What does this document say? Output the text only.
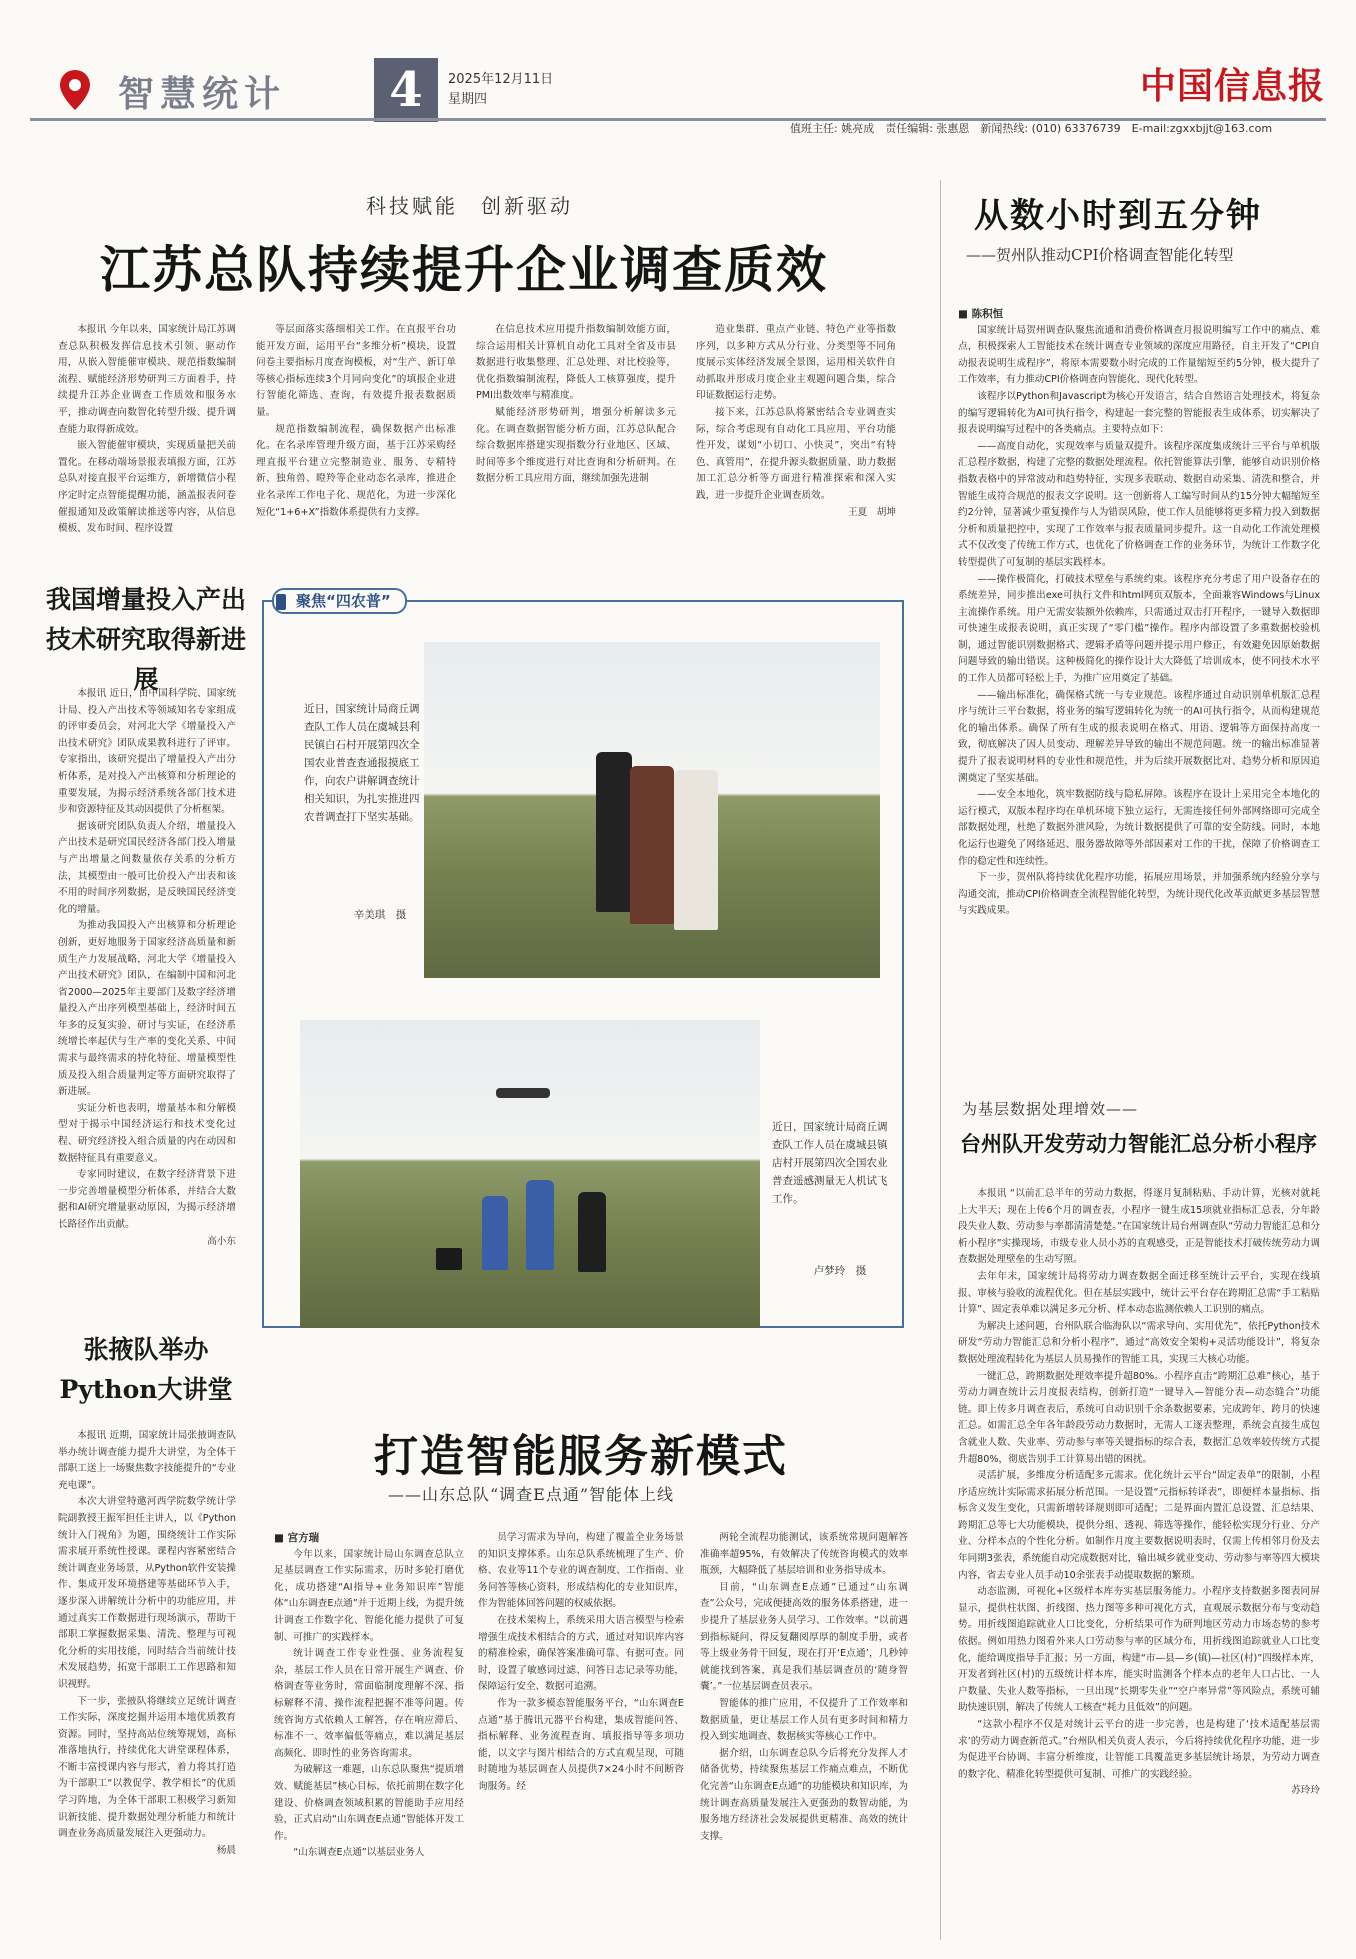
智慧统计	4	2025年12月11日
星期四	中国信息报
值班主任: 姚亮成　责任编辑: 张惠恩　新闻热线: (010) 63376739　E-mail:zgxxbjjt@163.com
科技赋能　创新驱动
江苏总队持续提升企业调查质效

本报讯 今年以来，国家统计局江苏调查总队积极发挥信息技术引领、驱动作用，从嵌入智能催审模块、规范指数编制流程、赋能经济形势研判三方面着手，持续提升江苏企业调查工作质效和服务水平，推动调查向数智化转型升级、提升调查能力取得新成效。

嵌入智能催审模块，实现质量把关前置化。在移动端场景报表填报方面，江苏总队对接直报平台运维方，新增微信小程序定时定点智能提醒功能，涵盖报表问卷催报通知及政策解读推送等内容，从信息模板、发布时间、程序设置

等层面落实落细相关工作。在直报平台功能开发方面，运用平台“多维分析”模块，设置问卷主要指标月度查询模板，对“生产、新订单等核心指标连续3个月同向变化”的填报企业进行智能化筛选、查询，有效提升报表数据质量。

规范指数编制流程，确保数据产出标准化。在名录库管理升级方面，基于江苏采购经理直报平台建立完整制造业、服务、专精特新、独角兽、瞪羚等企业动态名录库，推进企业名录库工作电子化、规范化，为进一步深化短化“1+6+X”指数体系提供有力支撑。

在信息技术应用提升指数编制效能方面，综合运用相关计算机自动化工具对全省及市县数据进行收集整理、汇总处理、对比校验等，优化指数编制流程，降低人工核算强度，提升PMI出数效率与精准度。

赋能经济形势研判，增强分析解读多元化。在调查数据智能分析方面，江苏总队配合综合数据库搭建实现指数分行业地区、区域、时间等多个维度进行对比查询和分析研判。在数据分析工具应用方面，继续加强先进制

造业集群、重点产业链、特色产业等指数序列，以多种方式从分行业、分类型等不同角度展示实体经济发展全景图，运用相关软件自动抓取并形成月度企业主观题问题合集，综合印证数据运行走势。

接下来，江苏总队将紧密结合专业调查实际，综合考虑现有自动化工具应用、平台功能性开发，谋划“小切口、小快灵”，突出“有特色、真管用”，在提升源头数据质量、助力数据加工汇总分析等方面进行精准探索和深入实践，进一步提升企业调查质效。

王夏　胡坤
我国增量投入产出
技术研究取得新进展

本报讯 近日，由中国科学院、国家统计局、投入产出技术等领域知名专家组成的评审委员会，对河北大学《增量投入产出技术研究》团队成果教科进行了评审。专家指出，该研究提出了增量投入产出分析体系，是对投入产出核算和分析理论的重要发展，为揭示经济系统各部门技术进步和资源特征及其动因提供了分析框架。

据该研究团队负责人介绍，增量投入产出技术是研究国民经济各部门投入增量与产出增量之间数量依存关系的分析方法，其模型由一般可比价投入产出表和该不用的时间序列数据，是反映国民经济变化的增量。

为推动我国投入产出核算和分析理论创新，更好地服务于国家经济高质量和新质生产力发展战略，河北大学《增量投入产出技术研究》团队，在编制中国和河北省2000—2025年主要部门及数字经济增量投入产出序列模型基础上，经济时间五年多的反复实验、研讨与实证，在经济系统增长率起伏与生产率的变化关系、中间需求与最终需求的特化特征、增量模型性质及投入组合质量判定等方面研究取得了新进展。

实证分析也表明，增量基本和分解模型对于揭示中国经济运行和技术变化过程、研究经济投入组合质量的内在动因和数据特征具有重要意义。

专家同时建议，在数字经济背景下进一步完善增量模型分析体系，并结合大数据和AI研究增量驱动原因，为揭示经济增长路径作出贡献。

高小东
张掖队举办
Python大讲堂

本报讯 近期，国家统计局张掖调查队举办统计调查能力提升大讲堂，为全体干部职工送上一场聚焦数字技能提升的“专业充电课”。

本次大讲堂特邀河西学院数学统计学院副教授王振军担任主讲人，以《Python统计入门视角》为题，围绕统计工作实际需求展开系统性授课。课程内容紧密结合统计调查业务场景，从Python软件安装操作、集成开发环境搭建等基础环节入手，逐步深入讲解统计分析中的功能应用，并通过真实工作数据进行现场演示，帮助干部职工掌握数据采集、清洗、整理与可视化分析的实用技能，同时结合当前统计技术发展趋势，拓宽干部职工工作思路和知识视野。

下一步，张掖队将继续立足统计调查工作实际，深度挖掘并运用本地优质教育资源。同时，坚持高站位统筹规划，高标准落地执行，持续优化大讲堂课程体系，不断丰富授课内容与形式，着力将其打造为干部职工“以教促学、教学相长”的优质学习阵地，为全体干部职工积极学习新知识新技能、提升数据处理分析能力和统计调查业务高质量发展注入更强动力。

杨晨
聚焦“四农普”
近日，国家统计局商丘调查队工作人员在虞城县利民镇白石村开展第四次全国农业普查查通报摸底工作，向农户讲解调查统计相关知识，为扎实推进四农普调查打下坚实基础。
辛美琪　摄
近日，国家统计局商丘调查队工作人员在虞城县镇店村开展第四次全国农业普查遥感测量无人机试飞工作。
卢梦玲　摄
打造智能服务新模式
——山东总队“调查E点通”智能体上线
■ 宫方瑞

今年以来，国家统计局山东调查总队立足基层调查工作实际需求，历时多轮打磨优化，成功搭建“AI指导+业务知识库”智能体“山东调查E点通”并于近期上线，为提升统计调查工作数字化、智能化能力提供了可复制、可推广的实践样本。

统计调查工作专业性强、业务流程复杂，基层工作人员在日常开展生产调查、价格调查等业务时，常面临制度理解不深、指标解释不清、操作流程把握不准等问题。传统咨询方式依赖人工解答，存在响应滞后、标准不一、效率偏低等痛点，难以满足基层高频化、即时性的业务咨询需求。

为破解这一难题，山东总队聚焦“提质增效、赋能基层”核心目标，依托前期在数字化建设、价格调查领域积累的智能助手应用经验，正式启动“山东调查E点通”智能体开发工作。

“山东调查E点通”以基层业务人

员学习需求为导向，构建了覆盖全业务场景的知识支撑体系。山东总队系统梳理了生产、价格、农业等11个专业的调查制度、工作指南、业务问答等核心资料，形成结构化的专业知识库，作为智能体回答问题的权威依据。

在技术架构上，系统采用大语言模型与检索增强生成技术相结合的方式，通过对知识库内容的精准检索，确保答案准确可靠、有据可查。同时，设置了敏感词过滤、问答日志记录等功能，保障运行安全、数据可追溯。

作为一款多模态智能服务平台，“山东调查E点通”基于腾讯元器平台构建，集成智能问答、指标解释、业务流程查询、填报指导等多项功能，以文字与图片相结合的方式直观呈现，可随时随地为基层调查人员提供7×24小时不间断咨询服务。经

两轮全流程功能测试，该系统常规问题解答准确率超95%，有效解决了传统咨询模式的效率瓶颈，大幅降低了基层培训和业务指导成本。

目前，“山东调查E点通”已通过“山东调查”公众号，完成便捷高效的服务体系搭建，进一步提升了基层业务人员学习、工作效率。“以前遇到指标疑问，得反复翻阅厚厚的制度手册，或者等上级业务骨干回复，现在打开‘E点通’，几秒钟就能找到答案，真是我们基层调查员的‘随身智囊’。”一位基层调查员表示。

智能体的推广应用，不仅提升了工作效率和数据质量，更让基层工作人员有更多时间和精力投入到实地调查、数据核实等核心工作中。

据介绍，山东调查总队今后将充分发挥人才储备优势，持续聚焦基层工作痛点难点，不断优化完善“山东调查E点通”的功能模块和知识库，为统计调查高质量发展注入更强劲的数智动能，为服务地方经济社会发展提供更精准、高效的统计支撑。

从数小时到五分钟
——贺州队推动CPI价格调查智能化转型
■ 陈积恒

国家统计局贺州调查队聚焦流通和消费价格调查月报说明编写工作中的痛点、难点，积极探索人工智能技术在统计调查专业领域的深度应用路径，自主开发了“CPI自动报表说明生成程序”，将原本需要数小时完成的工作量缩短至约5分钟，极大提升了工作效率，有力推动CPI价格调查向智能化、现代化转型。

该程序以Python和Javascript为核心开发语言，结合自然语言处理技术，将复杂的编写逻辑转化为AI可执行指令，构建起一套完整的智能报表生成体系，切实解决了报表说明编写过程中的各类痛点。主要特点如下：

——高度自动化，实现效率与质量双提升。该程序深度集成统计三平台与单机版汇总程序数据，构建了完整的数据处理流程。依托智能算法引擎，能够自动识别价格指数表格中的异常波动和趋势特征，实现多表联动、数据自动采集、清洗和整合，并智能生成符合规范的报表文字说明。这一创新将人工编写时间从约15分钟大幅缩短至约2分钟，显著减少重复操作与人为错误风险，使工作人员能够将更多精力投入到数据分析和质量把控中，实现了工作效率与报表质量同步提升。这一自动化工作流处理模式不仅改变了传统工作方式，也优化了价格调查工作的业务环节，为统计工作数字化转型提供了可复制的基层实践样本。

——操作极简化，打破技术壁垒与系统约束。该程序充分考虑了用户设备存在的系统差异，同步推出exe可执行文件和html网页双版本，全面兼容Windows与Linux主流操作系统。用户无需安装额外依赖库，只需通过双击打开程序，一键导入数据即可快速生成报表说明，真正实现了“零门槛”操作。程序内部设置了多重数据校验机制，通过智能识别数据格式、逻辑矛盾等问题并提示用户修正，有效避免因原始数据问题导致的输出错误。这种极简化的操作设计大大降低了培训成本，使不同技术水平的工作人员都可轻松上手，为推广应用奠定了基础。

——输出标准化，确保格式统一与专业规范。该程序通过自动识别单机版汇总程序与统计三平台数据，将业务的编写逻辑转化为统一的AI可执行指令，从而构建规范化的输出体系。确保了所有生成的报表说明在格式、用语、逻辑等方面保持高度一致，彻底解决了因人员变动、理解差异导致的输出不规范问题。统一的输出标准显著提升了报表说明材料的专业性和规范性，并为后续开展数据比对、趋势分析和原因追溯奠定了坚实基础。

——安全本地化，筑牢数据防线与隐私屏障。该程序在设计上采用完全本地化的运行模式，双版本程序均在单机环境下独立运行，无需连接任何外部网络即可完成全部数据处理，杜绝了数据外泄风险，为统计数据提供了可靠的安全防线。同时，本地化运行也避免了网络延迟、服务器故障等外部因素对工作的干扰，保障了价格调查工作的稳定性和连续性。

下一步，贺州队将持续优化程序功能，拓展应用场景，并加强系统内经验分享与沟通交流，推动CPI价格调查全流程智能化转型，为统计现代化改革贡献更多基层智慧与实践成果。

为基层数据处理增效——
台州队开发劳动力智能汇总分析小程序

本报讯 “以前汇总半年的劳动力数据，得逐月复制粘贴、手动计算，光核对就耗上大半天；现在上传6个月的调查表，小程序一键生成15项就业指标汇总表，分年龄段失业人数、劳动参与率都清清楚楚。”在国家统计局台州调查队“劳动力智能汇总和分析小程序”实操现场，市级专业人员小苏的直观感受，正是智能技术打破传统劳动力调查数据处理壁垒的生动写照。

去年年末，国家统计局将劳动力调查数据全面迁移至统计云平台，实现在线填报、审核与验收的流程优化。但在基层实践中，统计云平台存在跨期汇总需“手工粘贴计算”、固定表单难以满足多元分析、样本动态监测依赖人工识别的痛点。

为解决上述问题，台州队联合临海队以“需求导向、实用优先”，依托Python技术研发“劳动力智能汇总和分析小程序”，通过“高效安全架构+灵活功能设计”，将复杂数据处理流程转化为基层人员易操作的智能工具，实现三大核心功能。

一键汇总，跨期数据处理效率提升超80%。小程序直击“跨期汇总难”核心，基于劳动力调查统计云月度报表结构，创新打造“一键导入—智能分表—动态缝合”功能链。即上传多月调查表后，系统可自动识别千余条数据要素，完成跨年、跨月的快速汇总。如需汇总全年各年龄段劳动力数据时，无需人工逐表整理，系统会直接生成包含就业人数、失业率、劳动参与率等关键指标的综合表，数据汇总效率较传统方式提升超80%，彻底告别手工计算易出错的困扰。

灵活扩展，多维度分析适配多元需求。优化统计云平台“固定表单”的限制，小程序适应统计实际需求拓展分析范围。一是设置“元指标转译表”，即便样本量指标、指标含义发生变化，只需新增转译规则即可适配；二是界面内置汇总设置、汇总结果、跨期汇总等七大功能模块，提供分组、透视、筛选等操作，能轻松实现分行业、分产业、分样本点的个性化分析。如制作月度主要数据说明表时，仅需上传相邻月份及去年同期3张表，系统能自动完成数据对比，输出城乡就业变动、劳动参与率等四大模块内容，省去专业人员手动10余张表手动提取数据的繁琐。

动态监测，可视化+区级样本库夯实基层服务能力。小程序支持数据多图表同屏显示，提供柱状图、折线图、热力图等多种可视化方式，直观展示数据分布与变动趋势。用折线图追踪就业人口比变化，分析结果可作为研判地区劳动力市场态势的参考依据。例如用热力图看外来人口劳动参与率的区域分布，用折线图追踪就业人口比变化，能给调度指导手汇报；另一方面，构建“市—县—乡(镇)—社区(村)”四级样本库，开发者到社区(村)的五级统计样本库，能实时监测各个样本点的老年人口占比、一人户数量、失业人数等指标，一旦出现“长期零失业”“空户率异常”等风险点，系统可辅助快速识别，解决了传统人工核查“耗力且低效”的问题。

“这款小程序不仅是对统计云平台的进一步完善，也是构建了‘技术适配基层需求’的劳动力调查新范式。”台州队相关负责人表示，今后将持续优化程序功能，进一步为促进平台协调、丰富分析维度，让智能工具覆盖更多基层统计场景，为劳动力调查的数字化、精准化转型提供可复制、可推广的实践经验。

苏玲玲
